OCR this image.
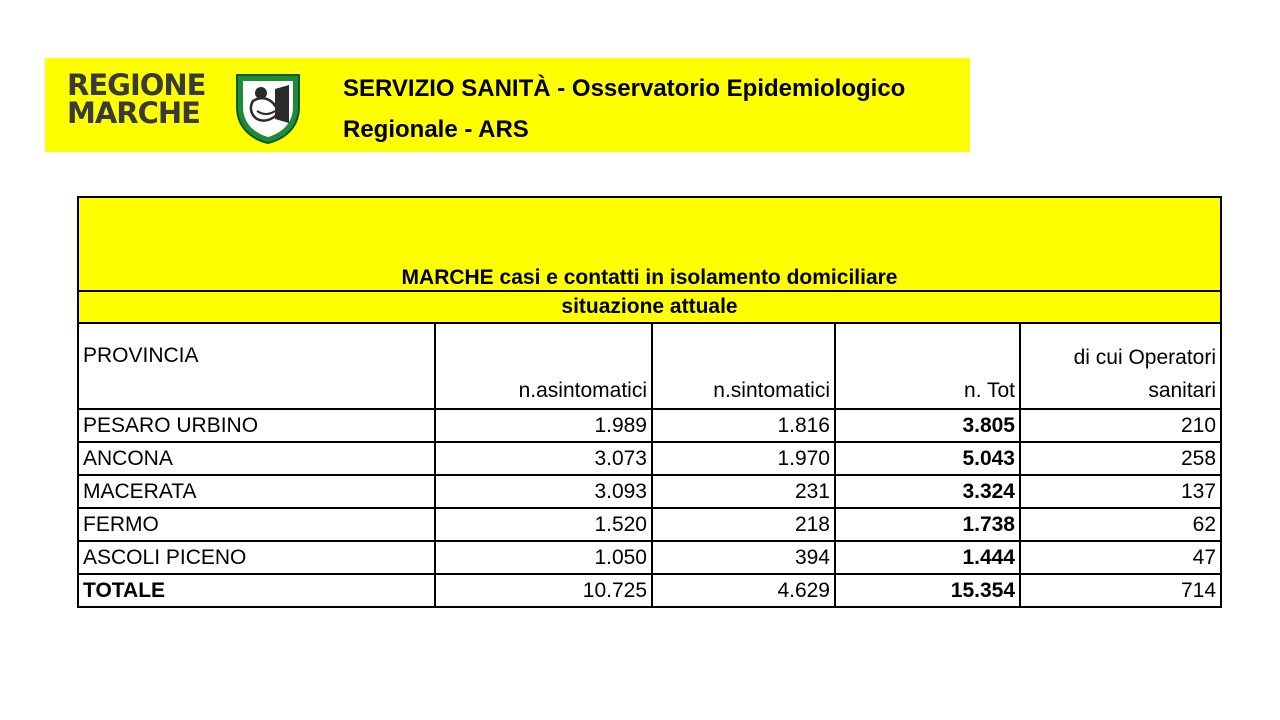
REGIONE
MARCHE
SERVIZIO SANITÀ - Osservatorio Epidemiologico
Regionale - ARS
MARCHE casi e contatti in isolamento domiciliare				
situazione attuale				
PROVINCIA	n.asintomatici	n.sintomatici	n. Tot	di cui Operatori
sanitari

PESARO URBINO	1.989	1.816	3.805	210
ANCONA	3.073	1.970	5.043	258
MACERATA	3.093	231	3.324	137
FERMO	1.520	218	1.738	62
ASCOLI PICENO	1.050	394	1.444	47
TOTALE	10.725	4.629	15.354	714
